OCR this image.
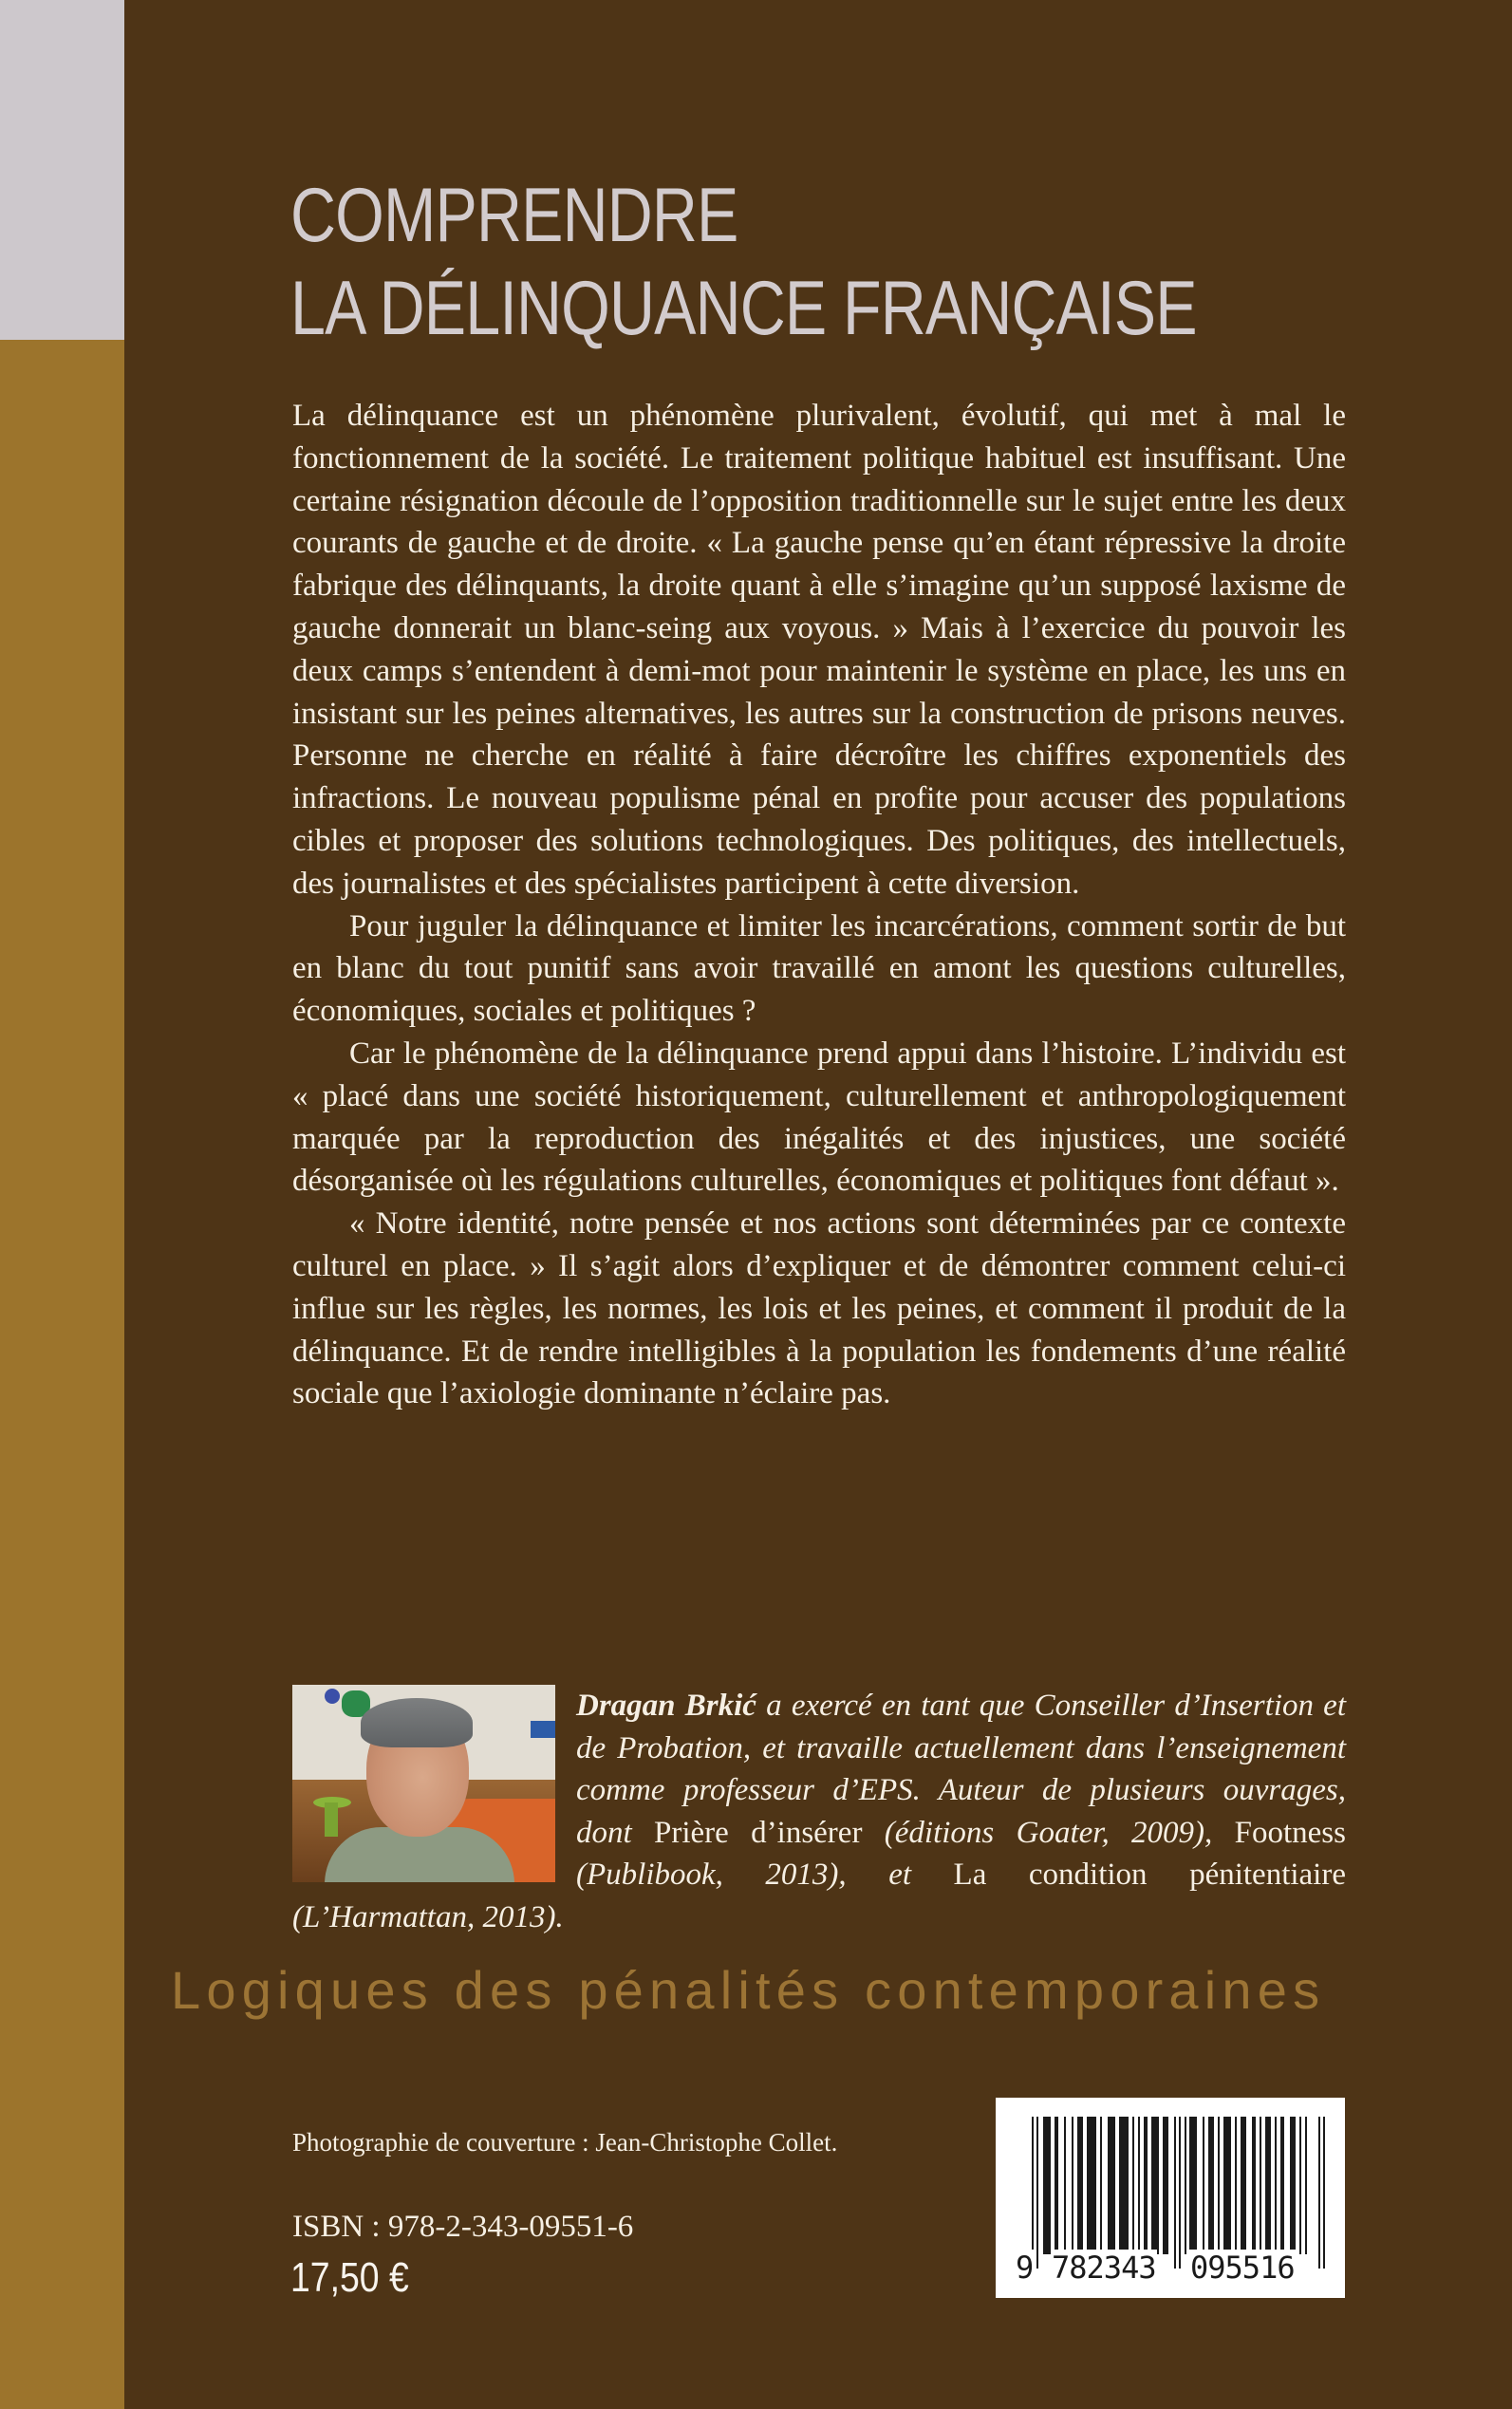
COMPRENDRE
LA DÉLINQUANCE FRANÇAISE

La délinquance est un phénomène plurivalent, évolutif, qui met à mal le fonctionnement de la société. Le traitement politique habituel est insuffisant. Une certaine résignation découle de l’opposition traditionnelle sur le sujet entre les deux courants de gauche et de droite. « La gauche pense qu’en étant répressive la droite fabrique des délinquants, la droite quant à elle s’imagine qu’un supposé laxisme de gauche donnerait un blanc-seing aux voyous. » Mais à l’exercice du pouvoir les deux camps s’entendent à demi-mot pour maintenir le système en place, les uns en insistant sur les peines alternatives, les autres sur la construction de prisons neuves. Personne ne cherche en réalité à faire décroître les chiffres exponentiels des infractions. Le nouveau populisme pénal en profite pour accuser des populations cibles et proposer des solutions technologiques. Des politiques, des intellectuels, des journalistes et des spécialistes participent à cette diversion.

Pour juguler la délinquance et limiter les incarcérations, comment sortir de but en blanc du tout punitif sans avoir travaillé en amont les questions culturelles, économiques, sociales et politiques ?

Car le phénomène de la délinquance prend appui dans l’histoire. L’individu est « placé dans une société historiquement, culturellement et anthropologiquement marquée par la reproduction des inégalités et des injustices, une société désorganisée où les régulations culturelles, économiques et politiques font défaut ».

« Notre identité, notre pensée et nos actions sont déterminées par ce contexte culturel en place. » Il s’agit alors d’expliquer et de démontrer comment celui-ci influe sur les règles, les normes, les lois et les peines, et comment il produit de la délinquance. Et de rendre intelligibles à la population les fondements d’une réalité sociale que l’axiologie dominante n’éclaire pas.

Dragan Brkić a exercé en tant que Conseiller d’Insertion et de Probation, et travaille actuellement dans l’enseignement comme professeur d’EPS. Auteur de plusieurs ouvrages, dont Prière d’insérer (éditions Goater, 2009), Footness (Publibook, 2013), et La condition pénitentiaire (L’Harmattan, 2013).
Logiques des pénalités contemporaines
Photographie de couverture : Jean-Christophe Collet.
ISBN : 978-2-343-09551-6
17,50 €	9 782343 095516
